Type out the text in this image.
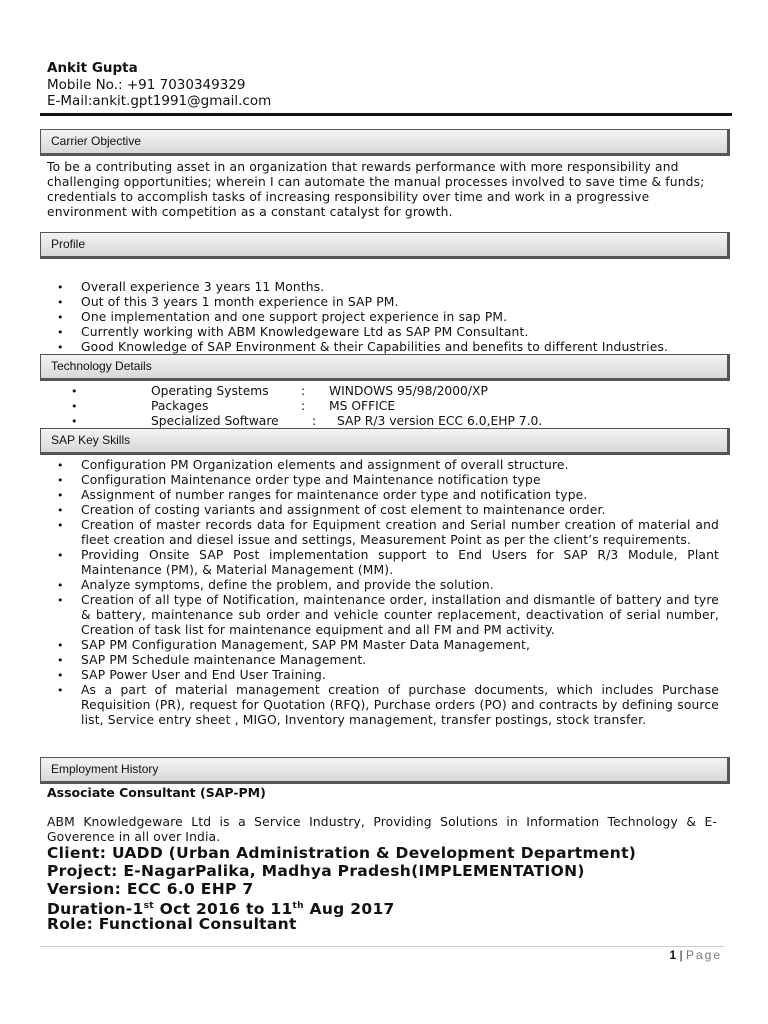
Ankit Gupta
Mobile No.: +91 7030349329
E-Mail:ankit.gpt1991@gmail.com
Carrier Objective
To be a contributing asset in an organization that rewards performance with more responsibility and challenging opportunities; wherein I can automate the manual processes involved to save time & funds; credentials to accomplish tasks of increasing responsibility over time and work in a progressive environment with competition as a constant catalyst for growth.
Profile
• Overall experience 3 years 11 Months.
• Out of this 3 years 1 month experience in SAP PM.
• One implementation and one support project experience in sap PM.
• Currently working with ABM Knowledgeware Ltd as SAP PM Consultant.
• Good Knowledge of SAP Environment & their Capabilities and benefits to different Industries.
Technology Details
•	Operating Systems	: WINDOWS 95/98/2000/XP
•	Packages	: MS OFFICE
•	Specialized Software	: SAP R/3 version ECC 6.0,EHP 7.0.
SAP Key Skills
• Configuration PM Organization elements and assignment of overall structure.
• Configuration Maintenance order type and Maintenance notification type
• Assignment of number ranges for maintenance order type and notification type.
• Creation of costing variants and assignment of cost element to maintenance order.
• Creation of master records data for Equipment creation and Serial number creation of material and fleet creation and diesel issue and settings, Measurement Point as per the client’s requirements.
• Providing Onsite SAP Post implementation support to End Users for SAP R/3 Module, Plant Maintenance (PM), & Material Management (MM).
• Analyze symptoms, define the problem, and provide the solution.
• Creation of all type of Notification, maintenance order, installation and dismantle of battery and tyre & battery, maintenance sub order and vehicle counter replacement, deactivation of serial number, Creation of task list for maintenance equipment and all FM and PM activity.
• SAP PM Configuration Management, SAP PM Master Data Management,
• SAP PM Schedule maintenance Management.
• SAP Power User and End User Training.
• As a part of material management creation of purchase documents, which includes Purchase Requisition (PR), request for Quotation (RFQ), Purchase orders (PO) and contracts by defining source list, Service entry sheet , MIGO, Inventory management, transfer postings, stock transfer.
Employment History
Associate Consultant (SAP-PM)
ABM Knowledgeware Ltd is a Service Industry, Providing Solutions in Information Technology & E-Goverence in all over India.
Client: UADD (Urban Administration & Development Department)
Project: E-NagarPalika, Madhya Pradesh(IMPLEMENTATION)
Version: ECC 6.0 EHP 7
Duration-1st Oct 2016 to 11th Aug 2017
Role: Functional Consultant
1 | Page
